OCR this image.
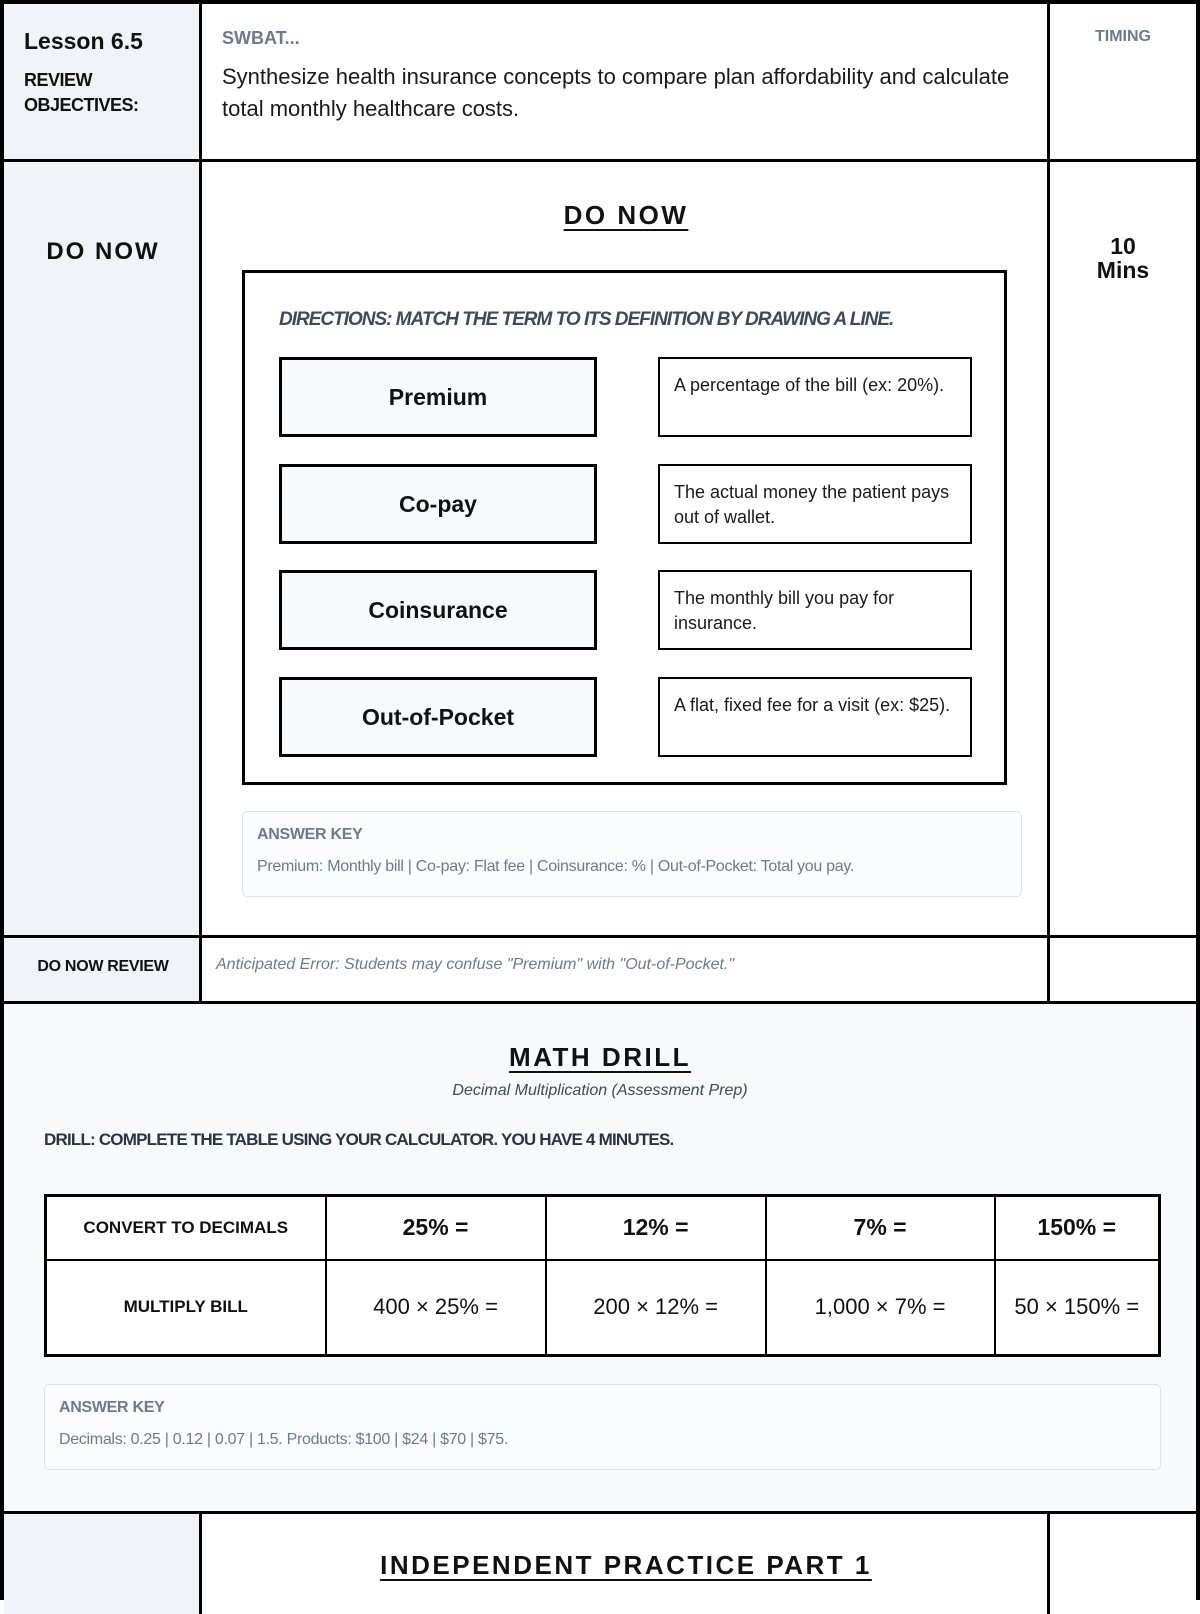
Lesson 6.5
REVIEW OBJECTIVES:
SWBAT...
Synthesize health insurance concepts to compare plan affordability and calculate total monthly healthcare costs.
TIMING
DO NOW
DO NOW
DIRECTIONS: MATCH THE TERM TO ITS DEFINITION BY DRAWING A LINE.
Premium	A percentage of the bill (ex: 20%).
Co-pay	The actual money the patient pays out of wallet.
Coinsurance	The monthly bill you pay for insurance.
Out-of-Pocket	A flat, fixed fee for a visit (ex: $25).
ANSWER KEY
Premium: Monthly bill | Co-pay: Flat fee | Coinsurance: % | Out-of-Pocket: Total you pay.
10 Mins
DO NOW REVIEW	Anticipated Error: Students may confuse "Premium" with "Out-of-Pocket."
MATH DRILL
Decimal Multiplication (Assessment Prep)
DRILL: COMPLETE THE TABLE USING YOUR CALCULATOR. YOU HAVE 4 MINUTES.
CONVERT TO DECIMALS	25% =	12% =	7% =	150% =
MULTIPLY BILL	400 × 25% =	200 × 12% =	1,000 × 7% =	50 × 150% =
ANSWER KEY
Decimals: 0.25 | 0.12 | 0.07 | 1.5. Products: $100 | $24 | $70 | $75.
INDEPENDENT PRACTICE PART 1
